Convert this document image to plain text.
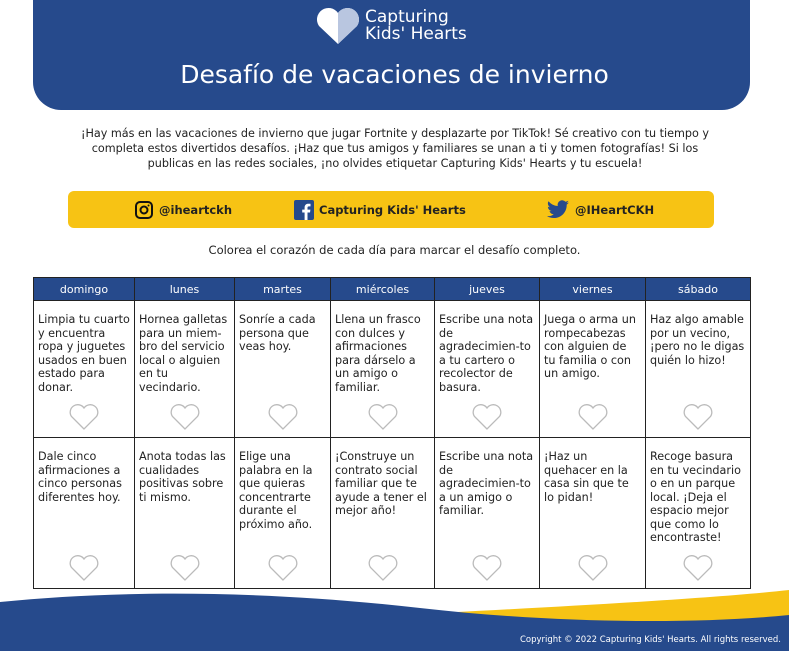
Capturing
Kids' Hearts
Desafío de vacaciones de invierno
¡Hay más en las vacaciones de invierno que jugar Fortnite y desplazarte por TikTok! Sé creativo con tu tiempo y completa estos divertidos desafíos. ¡Haz que tus amigos y familiares se unan a ti y tomen fotografías! Si los publicas en las redes sociales, ¡no olvides etiquetar Capturing Kids' Hearts y tu escuela!
@iheartckh	Capturing Kids' Hearts	@IHeartCKH
Colorea el corazón de cada día para marcar el desafío completo.
domingo	lunes	martes	miércoles	jueves	viernes	sábado

Limpia tu cuarto y encuentra ropa y juguetes usados en buen estado para donar.	Hornea galletas para un miem-bro del servicio local o alguien en tu vecindario.	Sonríe a cada persona que veas hoy.	Llena un frasco con dulces y afirmaciones para dárselo a un amigo o familiar.	Escribe una nota de agradecimien-to a tu cartero o recolector de basura.	Juega o arma un rompecabezas con alguien de tu familia o con un amigo.	Haz algo amable por un vecino, ¡pero no le digas quién lo hizo!

Dale cinco afirmaciones a cinco personas diferentes hoy.	Anota todas las cualidades positivas sobre ti mismo.	Elige una palabra en la que quieras concentrarte durante el próximo año.	¡Construye un contrato social familiar que te ayude a tener el mejor año!	Escribe una nota de agradecimien-to a un amigo o familiar.	¡Haz un quehacer en la casa sin que te lo pidan!	Recoge basura en tu vecindario o en un parque local. ¡Deja el espacio mejor que como lo encontraste!
Copyright © 2022 Capturing Kids' Hearts. All rights reserved.
